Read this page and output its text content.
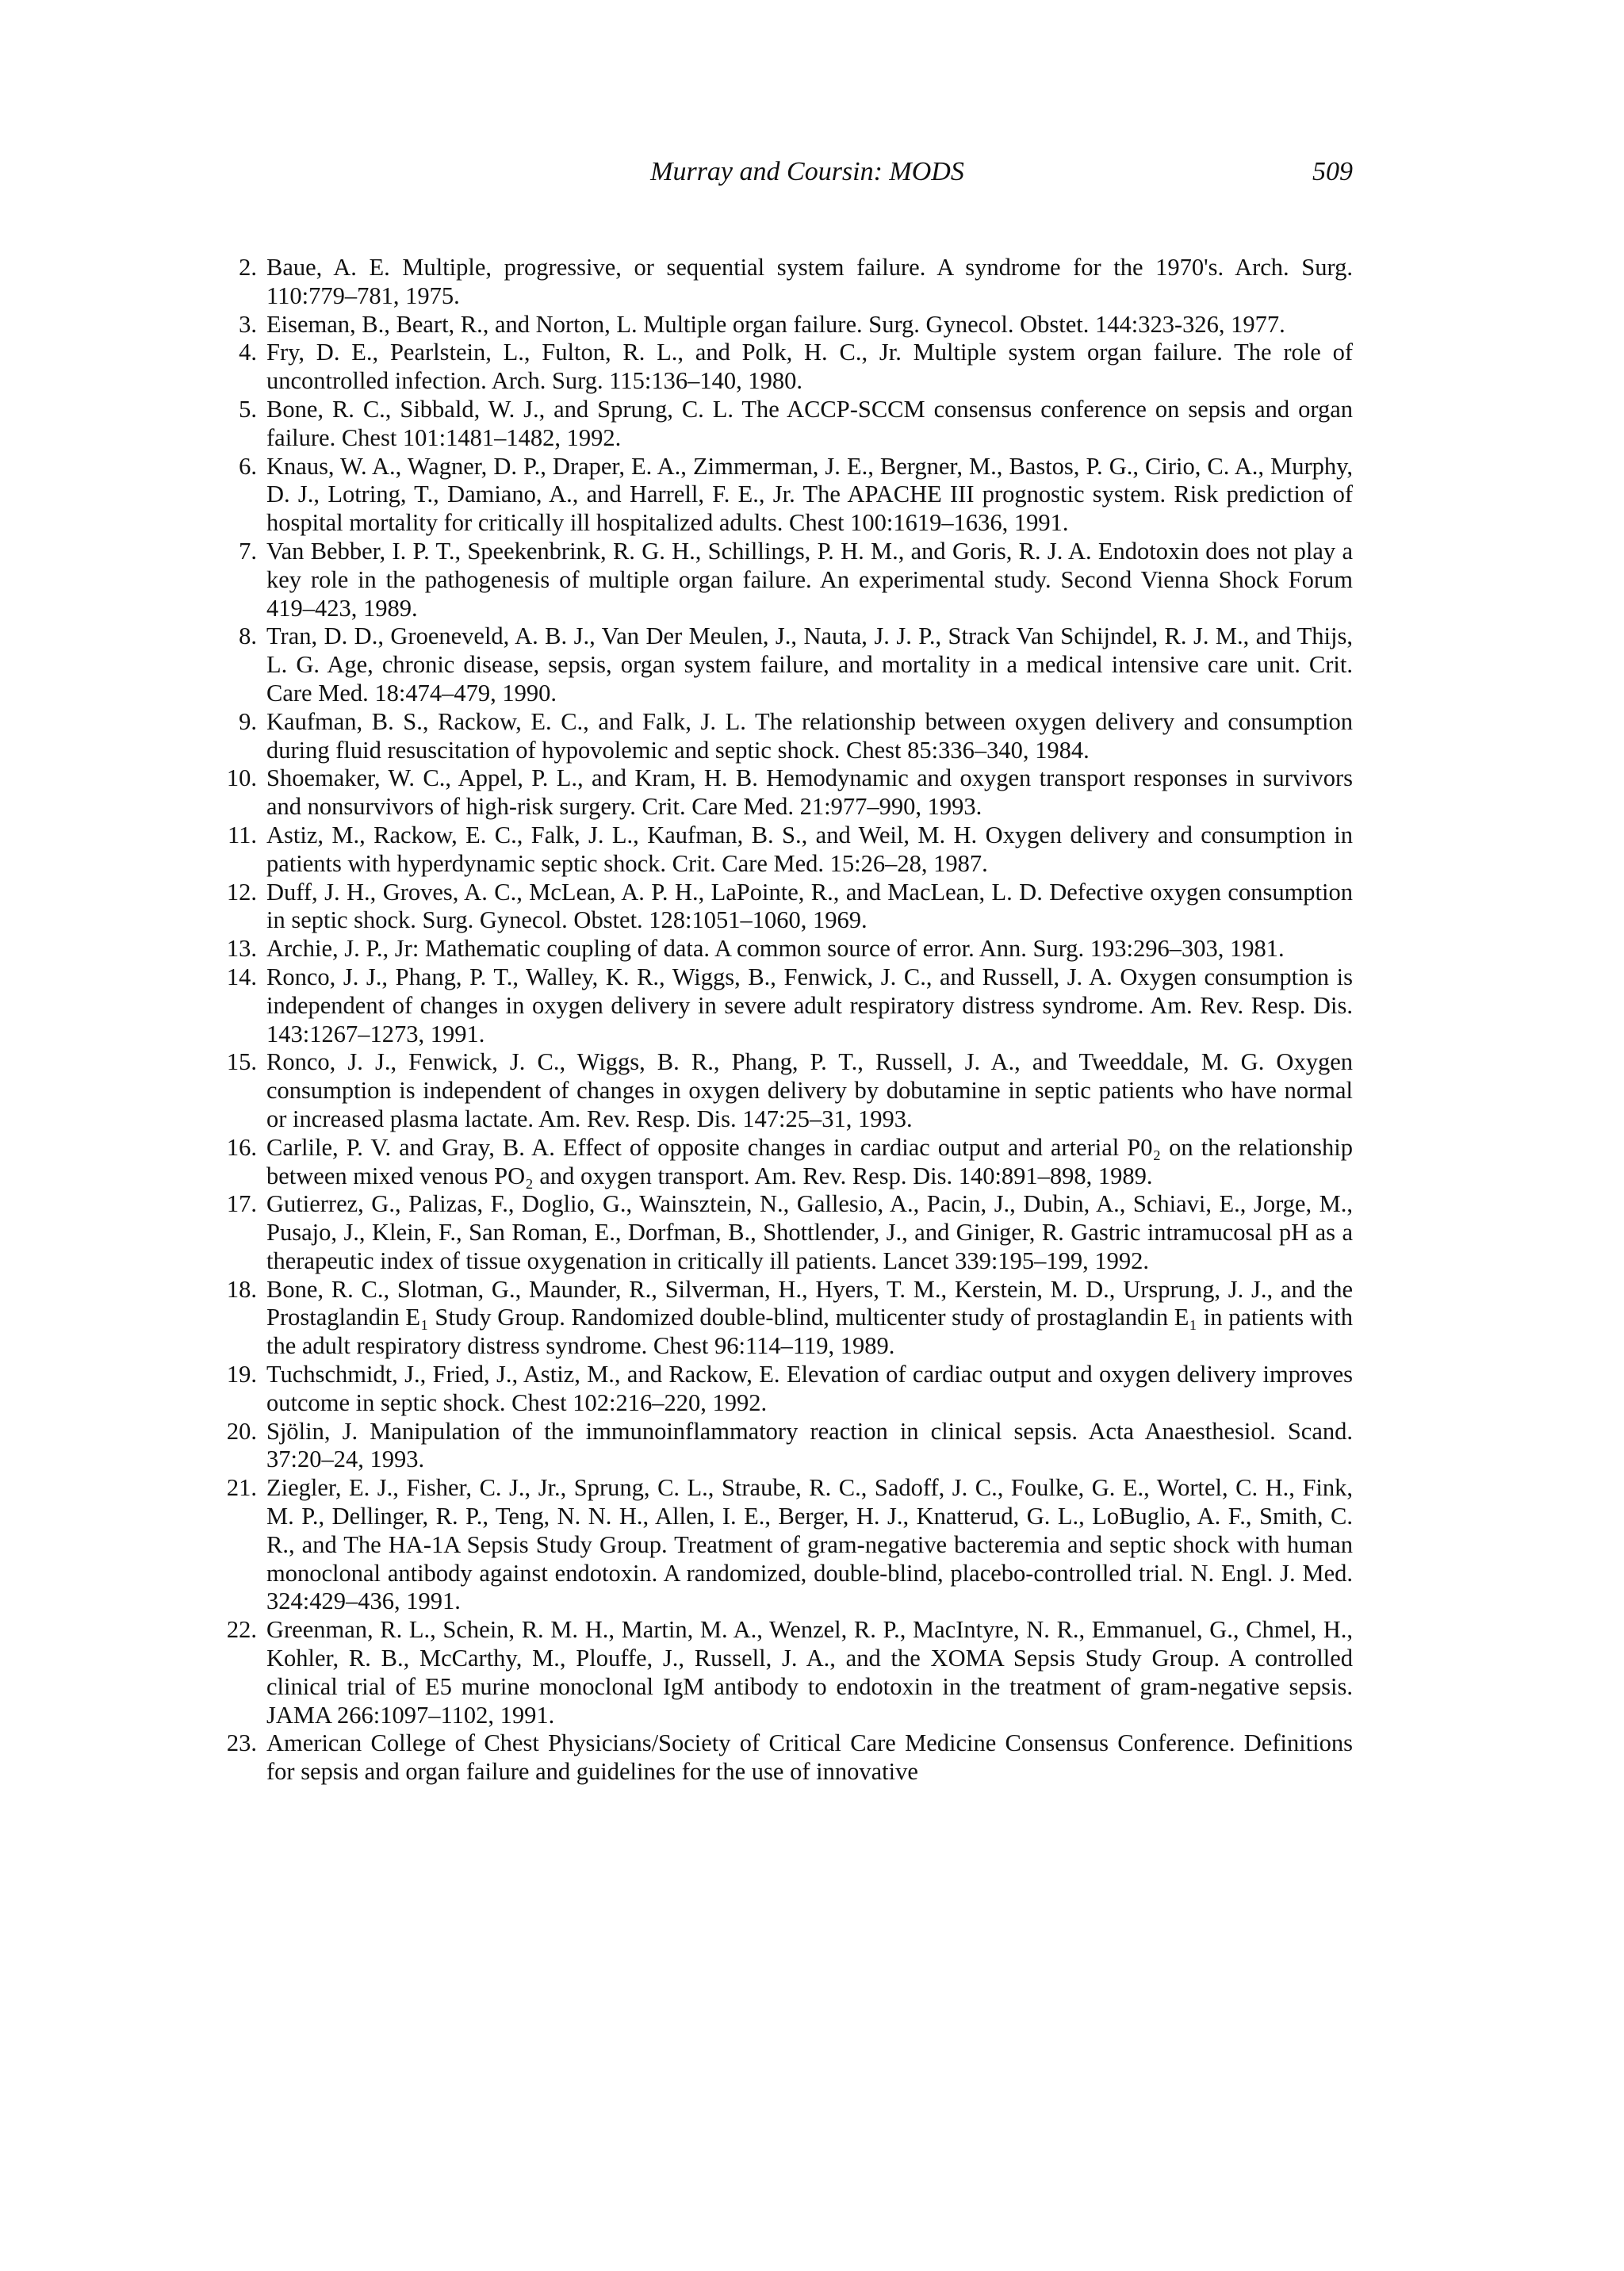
Murray and Coursin: MODS	509
2. Baue, A. E. Multiple, progressive, or sequential system failure. A syndrome for the 1970's. Arch. Surg. 110:779–781, 1975.
3. Eiseman, B., Beart, R., and Norton, L. Multiple organ failure. Surg. Gynecol. Obstet. 144:323-326, 1977.
4. Fry, D. E., Pearlstein, L., Fulton, R. L., and Polk, H. C., Jr. Multiple system organ failure. The role of uncontrolled infection. Arch. Surg. 115:136–140, 1980.
5. Bone, R. C., Sibbald, W. J., and Sprung, C. L. The ACCP-SCCM consensus conference on sepsis and organ failure. Chest 101:1481–1482, 1992.
6. Knaus, W. A., Wagner, D. P., Draper, E. A., Zimmerman, J. E., Bergner, M., Bastos, P. G., Cirio, C. A., Murphy, D. J., Lotring, T., Damiano, A., and Harrell, F. E., Jr. The APACHE III prognostic system. Risk prediction of hospital mortality for critically ill hospitalized adults. Chest 100:1619–1636, 1991.
7. Van Bebber, I. P. T., Speekenbrink, R. G. H., Schillings, P. H. M., and Goris, R. J. A. Endotoxin does not play a key role in the pathogenesis of multiple organ failure. An experimental study. Second Vienna Shock Forum 419–423, 1989.
8. Tran, D. D., Groeneveld, A. B. J., Van Der Meulen, J., Nauta, J. J. P., Strack Van Schijndel, R. J. M., and Thijs, L. G. Age, chronic disease, sepsis, organ system failure, and mortality in a medical intensive care unit. Crit. Care Med. 18:474–479, 1990.
9. Kaufman, B. S., Rackow, E. C., and Falk, J. L. The relationship between oxygen delivery and consumption during fluid resuscitation of hypovolemic and septic shock. Chest 85:336–340, 1984.
10. Shoemaker, W. C., Appel, P. L., and Kram, H. B. Hemodynamic and oxygen transport responses in survivors and nonsurvivors of high-risk surgery. Crit. Care Med. 21:977–990, 1993.
11. Astiz, M., Rackow, E. C., Falk, J. L., Kaufman, B. S., and Weil, M. H. Oxygen delivery and consumption in patients with hyperdynamic septic shock. Crit. Care Med. 15:26–28, 1987.
12. Duff, J. H., Groves, A. C., McLean, A. P. H., LaPointe, R., and MacLean, L. D. Defective oxygen consumption in septic shock. Surg. Gynecol. Obstet. 128:1051–1060, 1969.
13. Archie, J. P., Jr: Mathematic coupling of data. A common source of error. Ann. Surg. 193:296–303, 1981.
14. Ronco, J. J., Phang, P. T., Walley, K. R., Wiggs, B., Fenwick, J. C., and Russell, J. A. Oxygen consumption is independent of changes in oxygen delivery in severe adult respiratory distress syndrome. Am. Rev. Resp. Dis. 143:1267–1273, 1991.
15. Ronco, J. J., Fenwick, J. C., Wiggs, B. R., Phang, P. T., Russell, J. A., and Tweeddale, M. G. Oxygen consumption is independent of changes in oxygen delivery by dobutamine in septic patients who have normal or increased plasma lactate. Am. Rev. Resp. Dis. 147:25–31, 1993.
16. Carlile, P. V. and Gray, B. A. Effect of opposite changes in cardiac output and arterial P0₂ on the relationship between mixed venous PO₂ and oxygen transport. Am. Rev. Resp. Dis. 140:891–898, 1989.
17. Gutierrez, G., Palizas, F., Doglio, G., Wainsztein, N., Gallesio, A., Pacin, J., Dubin, A., Schiavi, E., Jorge, M., Pusajo, J., Klein, F., San Roman, E., Dorfman, B., Shottlender, J., and Giniger, R. Gastric intramucosal pH as a therapeutic index of tissue oxygenation in critically ill patients. Lancet 339:195–199, 1992.
18. Bone, R. C., Slotman, G., Maunder, R., Silverman, H., Hyers, T. M., Kerstein, M. D., Ursprung, J. J., and the Prostaglandin E₁ Study Group. Randomized double-blind, multicenter study of prostaglandin E₁ in patients with the adult respiratory distress syndrome. Chest 96:114–119, 1989.
19. Tuchschmidt, J., Fried, J., Astiz, M., and Rackow, E. Elevation of cardiac output and oxygen delivery improves outcome in septic shock. Chest 102:216–220, 1992.
20. Sjölin, J. Manipulation of the immunoinflammatory reaction in clinical sepsis. Acta Anaesthesiol. Scand. 37:20–24, 1993.
21. Ziegler, E. J., Fisher, C. J., Jr., Sprung, C. L., Straube, R. C., Sadoff, J. C., Foulke, G. E., Wortel, C. H., Fink, M. P., Dellinger, R. P., Teng, N. N. H., Allen, I. E., Berger, H. J., Knatterud, G. L., LoBuglio, A. F., Smith, C. R., and The HA-1A Sepsis Study Group. Treatment of gram-negative bacteremia and septic shock with human monoclonal antibody against endotoxin. A randomized, double-blind, placebo-controlled trial. N. Engl. J. Med. 324:429–436, 1991.
22. Greenman, R. L., Schein, R. M. H., Martin, M. A., Wenzel, R. P., MacIntyre, N. R., Emmanuel, G., Chmel, H., Kohler, R. B., McCarthy, M., Plouffe, J., Russell, J. A., and the XOMA Sepsis Study Group. A controlled clinical trial of E5 murine monoclonal IgM antibody to endotoxin in the treatment of gram-negative sepsis. JAMA 266:1097–1102, 1991.
23. American College of Chest Physicians/Society of Critical Care Medicine Consensus Conference. Definitions for sepsis and organ failure and guidelines for the use of innovative
